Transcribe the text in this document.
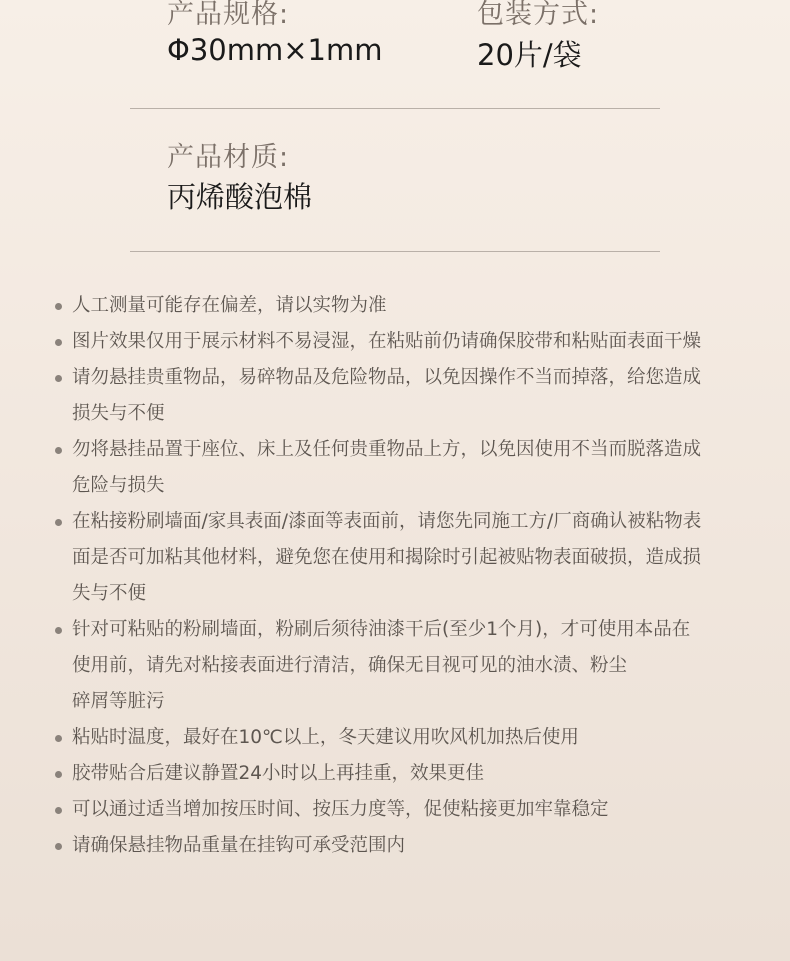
产品规格:
Φ30mm×1mm
包装方式:
20片/袋
产品材质:
丙烯酸泡棉
人工测量可能存在偏差，请以实物为准
图片效果仅用于展示材料不易浸湿，在粘贴前仍请确保胶带和粘贴面表面干燥
请勿悬挂贵重物品，易碎物品及危险物品，以免因操作不当而掉落，给您造成
损失与不便
勿将悬挂品置于座位、床上及任何贵重物品上方，以免因使用不当而脱落造成
危险与损失
在粘接粉刷墙面/家具表面/漆面等表面前，请您先同施工方/厂商确认被粘物表
面是否可加粘其他材料，避免您在使用和揭除时引起被贴物表面破损，造成损
失与不便
针对可粘贴的粉刷墙面，粉刷后须待油漆干后(至少1个月)，才可使用本品在
使用前，请先对粘接表面进行清洁，确保无目视可见的油水渍、粉尘
碎屑等脏污
粘贴时温度，最好在10℃以上，冬天建议用吹风机加热后使用
胶带贴合后建议静置24小时以上再挂重，效果更佳
可以通过适当增加按压时间、按压力度等，促使粘接更加牢靠稳定
请确保悬挂物品重量在挂钩可承受范围内
